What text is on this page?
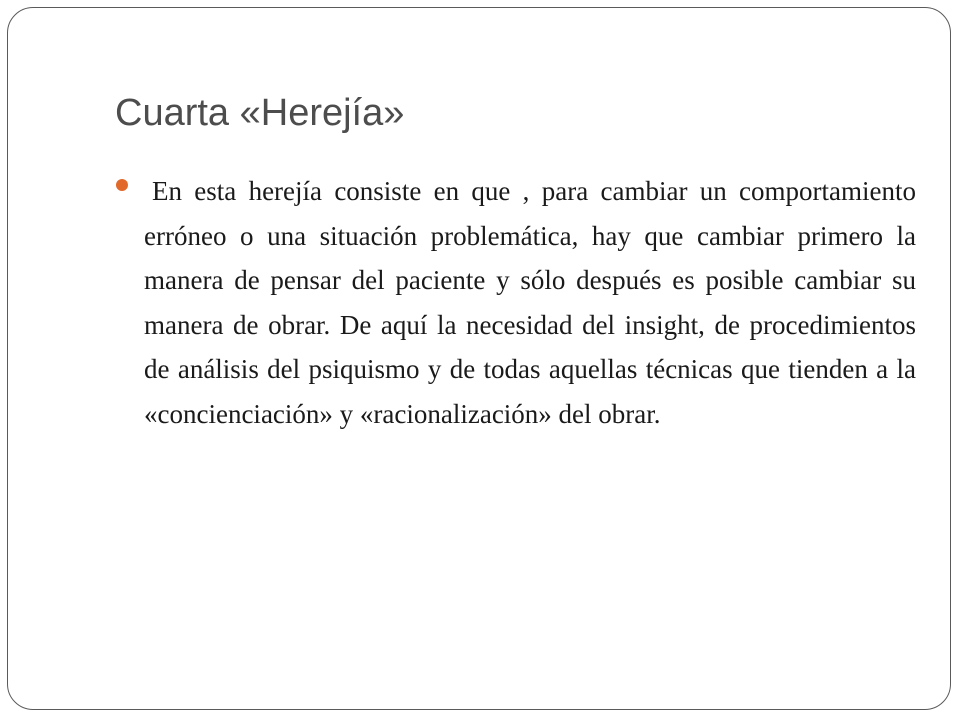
Cuarta «Herejía»
En esta herejía consiste en que , para cambiar un comportamiento erróneo o una situación problemática, hay que cambiar primero la manera de pensar del paciente y sólo después es posible cambiar su manera de obrar. De aquí la necesidad del insight, de procedimientos de análisis del psiquismo y de todas aquellas técnicas que tienden a la «concienciación» y «racionalización» del obrar.
